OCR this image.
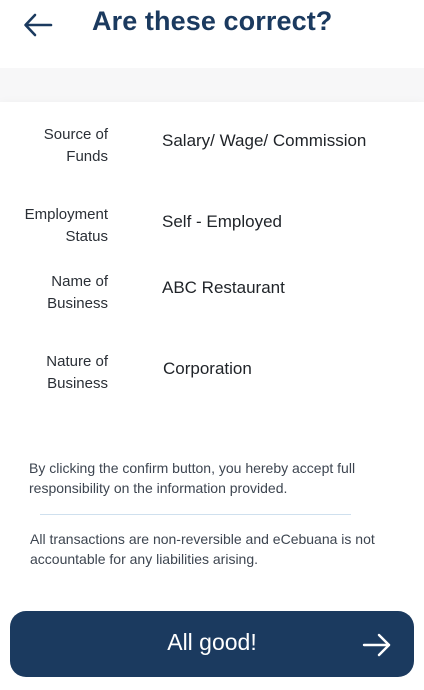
Are these correct?
Source of Funds
Salary/ Wage/ Commission
Employment Status
Self - Employed
Name of Business
ABC Restaurant
Nature of Business
Corporation
By clicking the confirm button, you hereby accept full responsibility on the information provided.
All transactions are non-reversible and eCebuana is not accountable for any liabilities arising.
All good!
